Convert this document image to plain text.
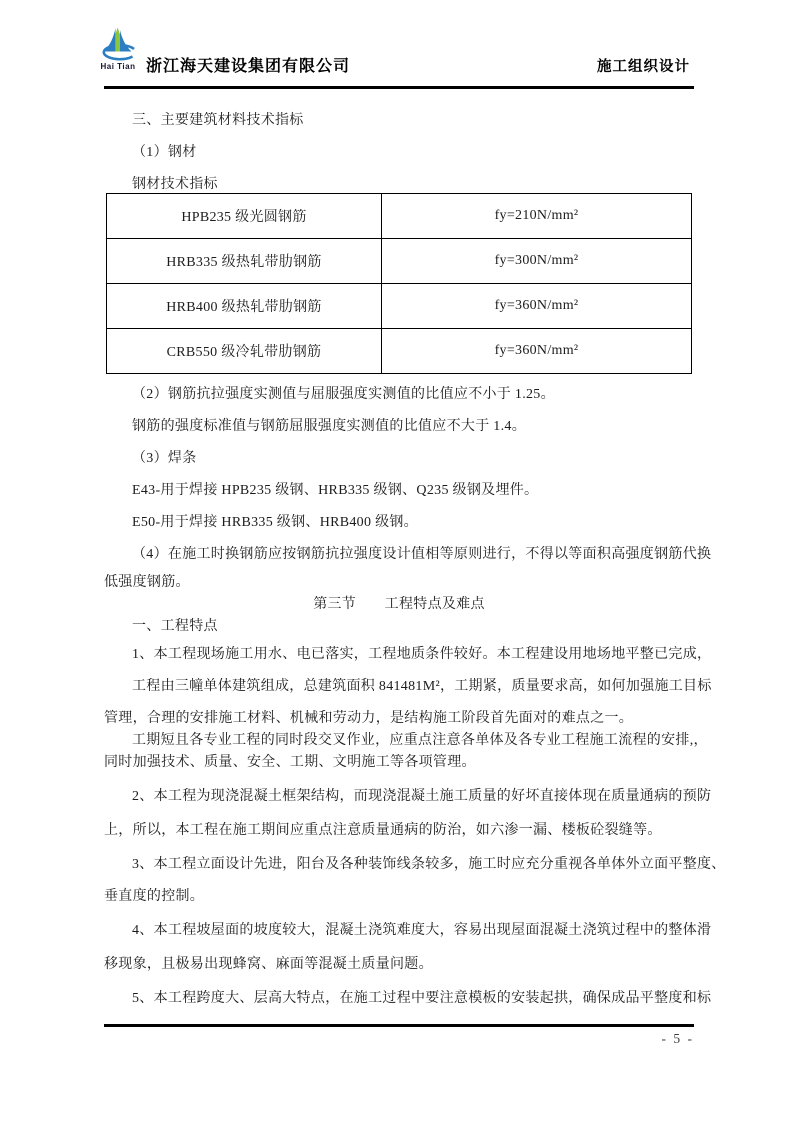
Hai Tian 浙江海天建设集团有限公司	施工组织设计
三、主要建筑材料技术指标
（1）钢材
钢材技术指标
HPB235 级光圆钢筋	fy=210N/mm²
HRB335 级热轧带肋钢筋	fy=300N/mm²
HRB400 级热轧带肋钢筋	fy=360N/mm²
CRB550 级冷轧带肋钢筋	fy=360N/mm²
（2）钢筋抗拉强度实测值与屈服强度实测值的比值应不小于 1.25。
钢筋的强度标准值与钢筋屈服强度实测值的比值应不大于 1.4。
（3）焊条
E43-用于焊接 HPB235 级钢、HRB335 级钢、Q235 级钢及埋件。
E50-用于焊接 HRB335 级钢、HRB400 级钢。
（4）在施工时换钢筋应按钢筋抗拉强度设计值相等原则进行，不得以等面积高强度钢筋代换
低强度钢筋。
第三节　　工程特点及难点
一、工程特点
1、本工程现场施工用水、电已落实，工程地质条件较好。本工程建设用地场地平整已完成，
工程由三幢单体建筑组成，总建筑面积 841481M²，工期紧，质量要求高，如何加强施工目标
管理，合理的安排施工材料、机械和劳动力，是结构施工阶段首先面对的难点之一。
工期短且各专业工程的同时段交叉作业，应重点注意各单体及各专业工程施工流程的安排,，
同时加强技术、质量、安全、工期、文明施工等各项管理。
2、本工程为现浇混凝土框架结构，而现浇混凝土施工质量的好坏直接体现在质量通病的预防
上，所以，本工程在施工期间应重点注意质量通病的防治，如六渗一漏、楼板砼裂缝等。
3、本工程立面设计先进，阳台及各种装饰线条较多，施工时应充分重视各单体外立面平整度、
垂直度的控制。
4、本工程坡屋面的坡度较大，混凝土浇筑难度大，容易出现屋面混凝土浇筑过程中的整体滑
移现象，且极易出现蜂窝、麻面等混凝土质量问题。
5、本工程跨度大、层高大特点，在施工过程中要注意模板的安装起拱，确保成品平整度和标
- 5 -
